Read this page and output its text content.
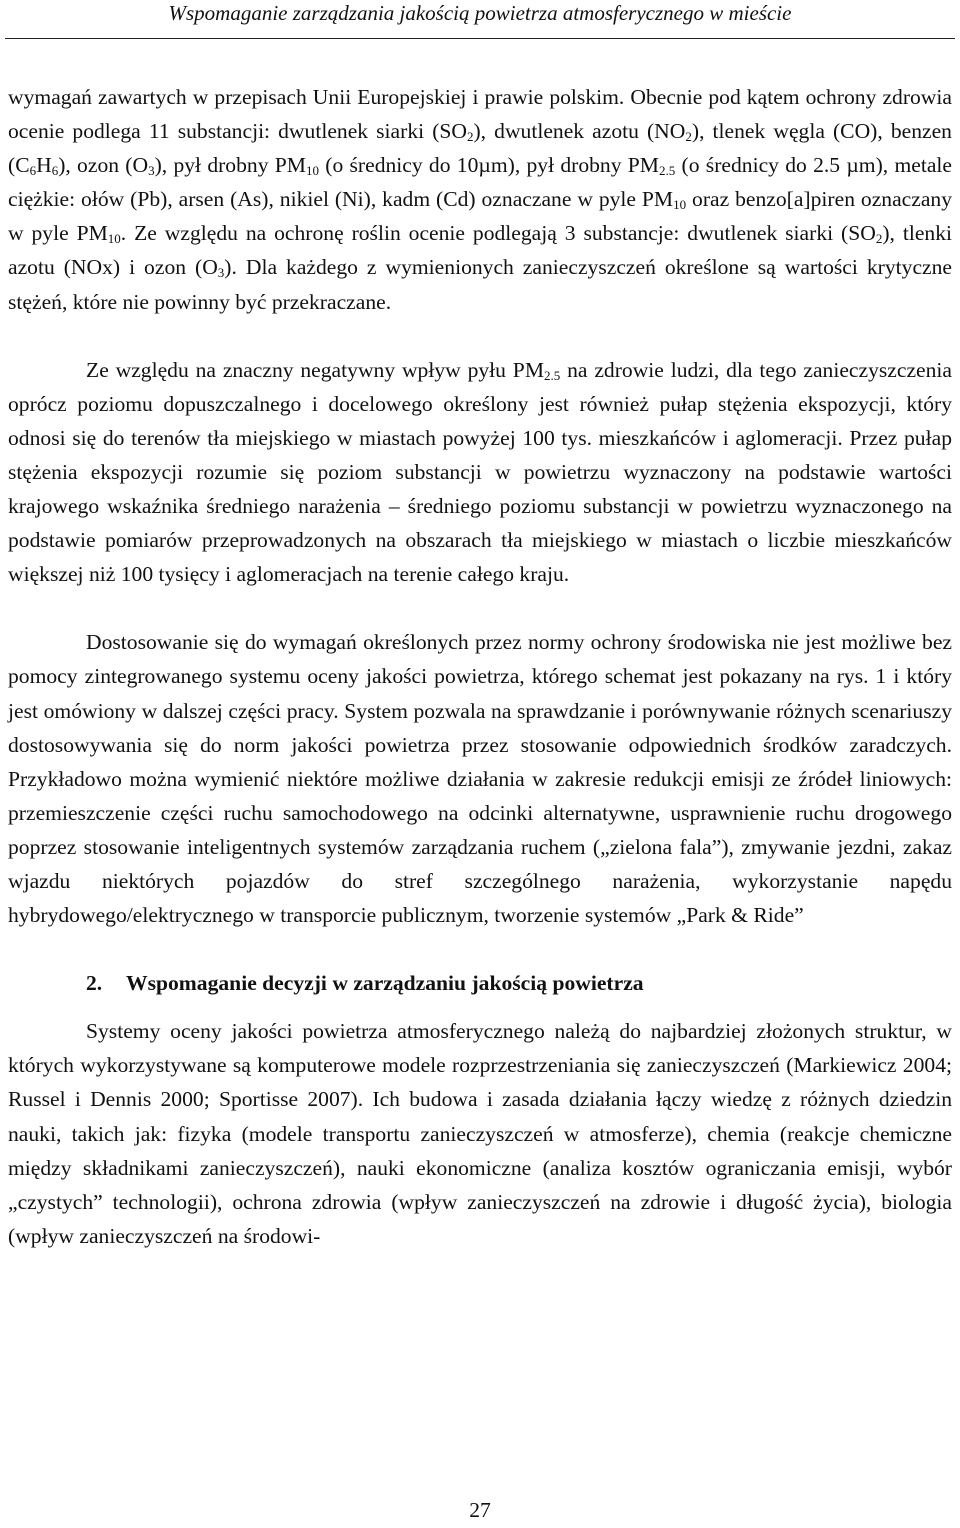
Wspomaganie zarządzania jakością powietrza atmosferycznego w mieście

wymagań zawartych w przepisach Unii Europejskiej i prawie polskim. Obecnie pod kątem ochrony zdrowia ocenie podlega 11 substancji: dwutlenek siarki $(SO_2)$, dwutlenek azotu $(NO_2)$, tlenek węgla (CO), benzen $(C_6H_6)$, ozon $(O_3)$, pył drobny $PM_{10}$ (o średnicy do 10µm), pył drobny $PM_{2.5}$ (o średnicy do 2.5 µm), metale ciężkie: ołów (Pb), arsen (As), nikiel (Ni), kadm (Cd) oznaczane w pyle $PM_{10}$ oraz benzo[a]piren oznaczany w pyle $PM_{10}$. Ze względu na ochronę roślin ocenie podlegają 3 substancje: dwutlenek siarki $(SO_2)$, tlenki azotu (NOx) i ozon $(O_3)$. Dla każdego z wymienionych zanieczyszczeń określone są wartości krytyczne stężeń, które nie powinny być przekraczane.

Ze względu na znaczny negatywny wpływ pyłu $PM_{2.5}$ na zdrowie ludzi, dla tego zanieczyszczenia oprócz poziomu dopuszczalnego i docelowego określony jest również pułap stężenia ekspozycji, który odnosi się do terenów tła miejskiego w miastach powyżej 100 tys. mieszkańców i aglomeracji. Przez pułap stężenia ekspozycji rozumie się poziom substancji w powietrzu wyznaczony na podstawie wartości krajowego wskaźnika średniego narażenia – średniego poziomu substancji w powietrzu wyznaczonego na podstawie pomiarów przeprowadzonych na obszarach tła miejskiego w miastach o liczbie mieszkańców większej niż 100 tysięcy i aglomeracjach na terenie całego kraju.

Dostosowanie się do wymagań określonych przez normy ochrony środowiska nie jest możliwe bez pomocy zintegrowanego systemu oceny jakości powietrza, którego schemat jest pokazany na rys. 1 i który jest omówiony w dalszej części pracy. System pozwala na sprawdzanie i porównywanie różnych scenariuszy dostosowywania się do norm jakości powietrza przez stosowanie odpowiednich środków zaradczych. Przykładowo można wymienić niektóre możliwe działania w zakresie redukcji emisji ze źródeł liniowych: przemieszczenie części ruchu samochodowego na odcinki alternatywne, usprawnienie ruchu drogowego poprzez stosowanie inteligentnych systemów zarządzania ruchem („zielona fala”), zmywanie jezdni, zakaz wjazdu niektórych pojazdów do stref szczególnego narażenia, wykorzystanie napędu hybrydowego/elektrycznego w transporcie publicznym, tworzenie systemów „Park & Ride”

2. Wspomaganie decyzji w zarządzaniu jakością powietrza

Systemy oceny jakości powietrza atmosferycznego należą do najbardziej złożonych struktur, w których wykorzystywane są komputerowe modele rozprzestrzeniania się zanieczyszczeń (Markiewicz 2004; Russel i Dennis 2000; Sportisse 2007). Ich budowa i zasada działania łączy wiedzę z różnych dziedzin nauki, takich jak: fizyka (modele transportu zanieczyszczeń w atmosferze), chemia (reakcje chemiczne między składnikami zanieczyszczeń), nauki ekonomiczne (analiza kosztów ograniczania emisji, wybór „czystych” technologii), ochrona zdrowia (wpływ zanieczyszczeń na zdrowie i długość życia), biologia (wpływ zanieczyszczeń na środowi-

27
